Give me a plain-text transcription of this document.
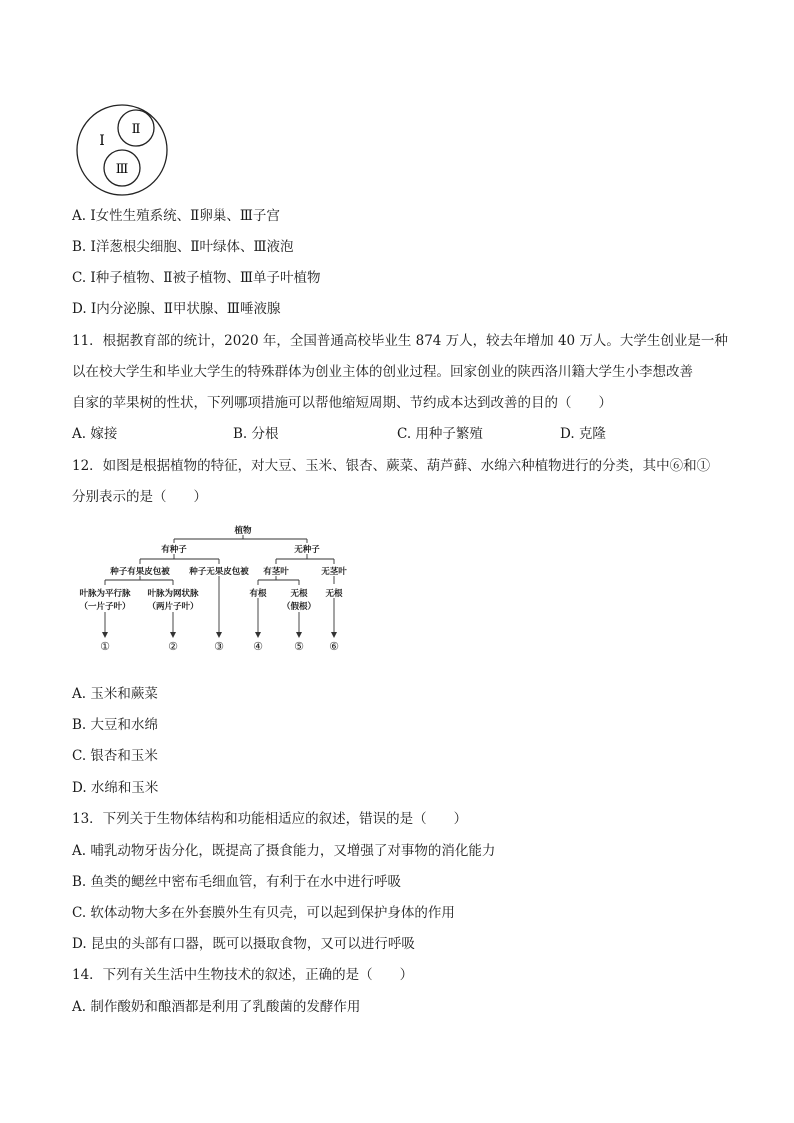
Ⅰ
Ⅱ
Ⅲ
A. Ⅰ女性生殖系统、Ⅱ卵巢、Ⅲ子宫
B. Ⅰ洋葱根尖细胞、Ⅱ叶绿体、Ⅲ液泡
C. Ⅰ种子植物、Ⅱ被子植物、Ⅲ单子叶植物
D. Ⅰ内分泌腺、Ⅱ甲状腺、Ⅲ唾液腺
11．根据教育部的统计，2020 年，全国普通高校毕业生 874 万人，较去年增加 40 万人。大学生创业是一种
以在校大学生和毕业大学生的特殊群体为创业主体的创业过程。回家创业的陕西洛川籍大学生小李想改善
自家的苹果树的性状，下列哪项措施可以帮他缩短周期、节约成本达到改善的目的（　　）
A. 嫁接	B. 分根	C. 用种子繁殖	D. 克隆
12．如图是根据植物的特征，对大豆、玉米、银杏、蕨菜、葫芦藓、水绵六种植物进行的分类，其中⑥和①
分别表示的是（　　）
植物
有种子	无种子
种子有果皮包被 种子无果皮包被 有茎叶	无茎叶
叶脉为平行脉
（一片子叶）
叶脉为网状脉
（两片子叶）
有根	无根
（假根）
无根
①	②	③	④	⑤ ⑥
A. 玉米和蕨菜
B. 大豆和水绵
C. 银杏和玉米
D. 水绵和玉米
13．下列关于生物体结构和功能相适应的叙述，错误的是（　　）
A. 哺乳动物牙齿分化，既提高了摄食能力，又增强了对事物的消化能力
B. 鱼类的鳃丝中密布毛细血管，有利于在水中进行呼吸
C. 软体动物大多在外套膜外生有贝壳，可以起到保护身体的作用
D. 昆虫的头部有口器，既可以摄取食物，又可以进行呼吸
14．下列有关生活中生物技术的叙述，正确的是（　　）
A. 制作酸奶和酿酒都是利用了乳酸菌的发酵作用
